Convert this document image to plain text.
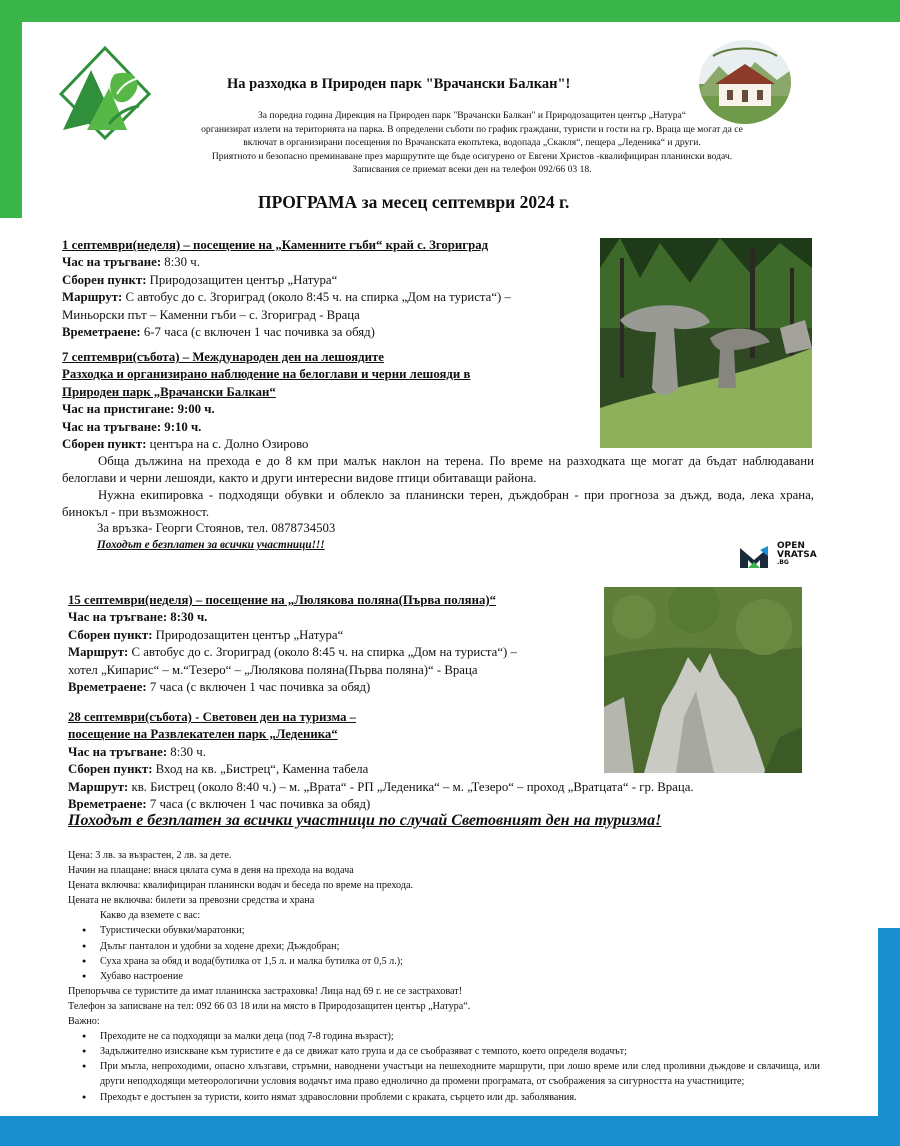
На разходка в Природен парк "Врачански Балкан"!
За поредна година Дирекция на Природен парк "Врачански Балкан" и Природозащитен център „Натура“
организират излети на територията на парка. В определени съботи по график граждани, туристи и гости на гр. Враца ще могат да се
включат в организирани посещения по Врачанската екопътека, водопада „Скакля“, пещера „Леденика“ и други.
Приятното и безопасно преминаване през маршрутите ще бъде осигурено от Евгени Христов -квалифициран планински водач.
Записвания се приемат всеки ден на телефон 092/66 03 18.
ПРОГРАМА за месец септември 2024 г.
1 септември(неделя) – посещение на „Каменните гъби“ край с. Згориград
Час на тръгване: 8:30 ч.
Сборен пункт: Природозащитен център „Натура“
Маршрут: С автобус до с. Згориград (около 8:45 ч. на спирка „Дом на туриста“) –
Миньорски път – Каменни гъби – с. Згориград - Враца
Времетраене: 6-7 часа (с включен 1 час почивка за обяд)
7 септември(събота) – Международен ден на лешоядите
Разходка и организирано наблюдение на белоглави и черни лешояди в
Природен парк „Врачански Балкан“
Час на пристигане: 9:00 ч.
Час на тръгване: 9:10 ч.
Сборен пункт: центъра на с. Долно Озирово
Обща дължина на прехода е до 8 км при малък наклон на терена. По време на разходката ще могат да бъдат наблюдавани белоглави и черни лешояди, както и други интересни видове птици обитаващи района.
Нужна екипировка - подходящи обувки и облекло за планински терен, дъждобран - при прогноза за дъжд, вода, лека храна, бинокъл - при възможност.
За връзка- Георги Стоянов, тел. 0878734503
Походът е безплатен за всички участници!!!	OPEN
VRATSA
.BG
15 септември(неделя) – посещение на „Люлякова поляна(Първа поляна)“
Час на тръгване: 8:30 ч.
Сборен пункт: Природозащитен център „Натура“
Маршрут: С автобус до с. Згориград (около 8:45 ч. на спирка „Дом на туриста“) –
хотел „Кипарис“ – м.“Тезеро“ – „Люлякова поляна(Първа поляна)“ - Враца
Времетраене: 7 часа (с включен 1 час почивка за обяд)
28 септември(събота) - Световен ден на туризма –
посещение на Развлекателен парк „Леденика“
Час на тръгване: 8:30 ч.
Сборен пункт: Вход на кв. „Бистрец“, Каменна табела
Маршрут: кв. Бистрец (около 8:40 ч.) – м. „Врата“ - РП „Леденика“ – м. „Тезеро“ – проход „Вратцата“ - гр. Враца.
Времетраене: 7 часа (с включен 1 час почивка за обяд)
Походът е безплатен за всички участници по случай Световният ден на туризма!
Цена: 3 лв. за възрастен, 2 лв. за дете.
Начин на плащане: внася цялата сума в деня на прехода на водача
Цената включва: квалифициран планински водач и беседа по време на прехода.
Цената не включва: билети за превозни средства и храна
Какво да вземете с вас:
● Туристически обувки/маратонки;
● Дълъг панталон и удобни за ходене дрехи; Дъждобран;
● Суха храна за обяд и вода(бутилка от 1,5 л. и малка бутилка от 0,5 л.);
● Хубаво настроение
Препоръчва се туристите да имат планинска застраховка! Лица над 69 г. не се застраховат!
Телефон за записване на тел: 092 66 03 18 или на място в Природозащитен център „Натура“.
Важно:
● Преходите не са подходящи за малки деца (под 7-8 година възраст);
● Задължително изискване към туристите е да се движат като група и да се съобразяват с темпото, което определя водачът;
● При мъгла, непроходими, опасно хлъзгави, стръмни, наводнени участъци на пешеходните маршрути, при лошо време или след проливни дъждове и свлачища, или други неподходящи метеорологични условия водачът има право еднолично да промени програмата, от съображения за сигурността на участниците;
● Преходът е достъпен за туристи, които нямат здравословни проблеми с краката, сърцето или др. заболявания.
